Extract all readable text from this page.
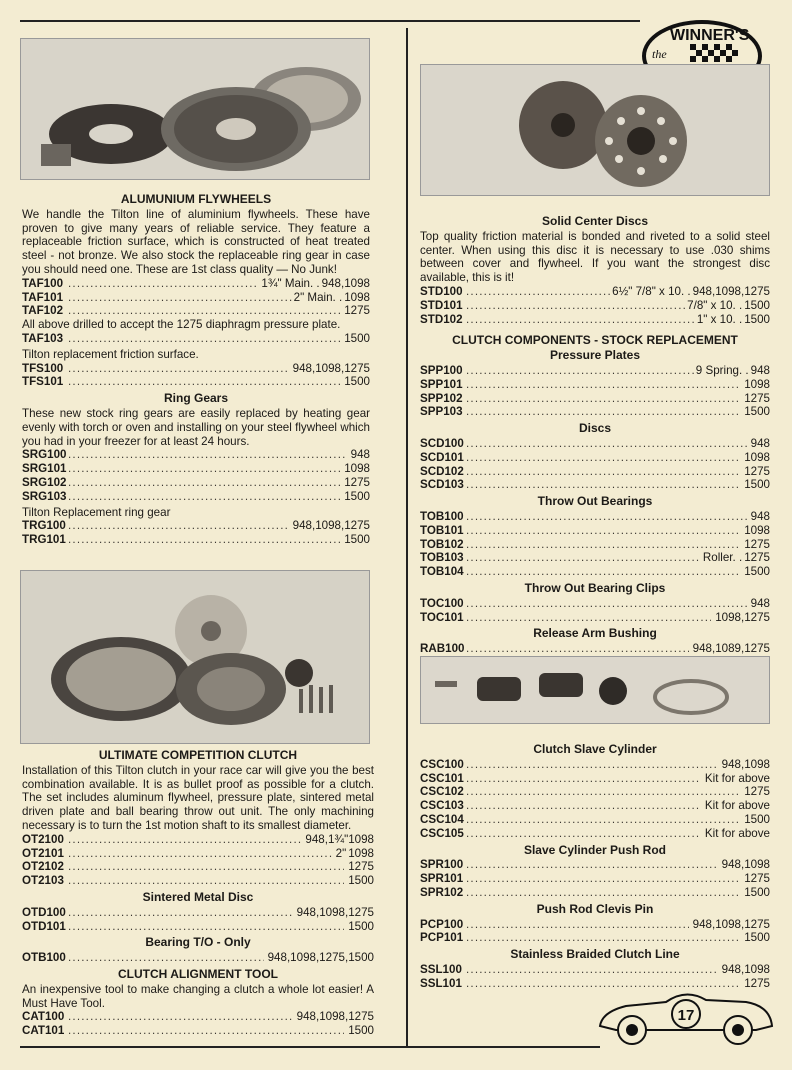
the
WINNER'S
17
ALUMUNIUM FLYWHEELS
We handle the Tilton line of aluminium flywheels. These have proven to give many years of reliable service. They feature a replaceable friction surface, which is constructed of heat treated steel - not bronze. We also stock the replaceable ring gear in case you should need one. These are 1st class quality — No Junk!
TAF100 .....	1¾" Main. . 948,1098
TAF101 .....	2" Main. . 1098
TAF102 .....	1275
All above drilled to accept the 1275 diaphragm pressure plate.
TAF103 .....	1500
Tilton replacement friction surface.
TFS100 .....	948,1098,1275
TFS101 .....	1500
Ring Gears
These new stock ring gears are easily replaced by heating gear evenly with torch or oven and installing on your steel flywheel which you had in your freezer for at least 24 hours.
SRG100 .....	948
SRG101 .....	1098
SRG102 .....	1275
SRG103 .....	1500
Tilton Replacement ring gear
TRG100 .....	948,1098,1275
TRG101 .....	1500
ULTIMATE COMPETITION CLUTCH
Installation of this Tilton clutch in your race car will give you the best combination available. It is as bullet proof as possible for a clutch. The set includes aluminum flywheel, pressure plate, sintered metal driven plate and ball bearing throw out unit. The only machining necessary is to turn the 1st motion shaft to its smallest diameter.
OT2100 .....	948,1¾"1098
OT2101 .....	2" 1098
OT2102 .....	1275
OT2103 .....	1500
Sintered Metal Disc
OTD100 .....	948,1098,1275
OTD101 .....	1500
Bearing T/O - Only
OTB100 .....	948,1098,1275,1500
CLUTCH ALIGNMENT TOOL
An inexpensive tool to make changing a clutch a whole lot easier! A Must Have Tool.
CAT100 .....	948,1098,1275
CAT101 .....	1500
Solid Center Discs
Top quality friction material is bonded and riveted to a solid steel center. When using this disc it is necessary to use .030 shims between cover and flywheel. If you want the strongest disc available, this is it!
STD100 .....	6½" 7/8" x 10. . 948,1098,1275
STD101 .....	7/8" x 10. . 1500
STD102 .....	1" x 10. . 1500
CLUTCH COMPONENTS - STOCK REPLACEMENT
Pressure Plates
SPP100 .....	9 Spring. . 948
SPP101 .....	1098
SPP102 .....	1275
SPP103 .....	1500
Discs
SCD100 .....	948
SCD101 .....	1098
SCD102 .....	1275
SCD103 .....	1500
Throw Out Bearings
TOB100 .....	948
TOB101 .....	1098
TOB102 .....	1275
TOB103 .....	Roller. . 1275
TOB104 .....	1500
Throw Out Bearing Clips
TOC100 .....	948
TOC101 .....	1098,1275
Release Arm Bushing
RAB100 .....	948,1089,1275
Clutch Slave Cylinder
CSC100 .....	948,1098
CSC101 .....	Kit for above
CSC102 .....	1275
CSC103 .....	Kit for above
CSC104 .....	1500
CSC105 .....	Kit for above
Slave Cylinder Push Rod
SPR100 .....	948,1098
SPR101 .....	1275
SPR102 .....	1500
Push Rod Clevis Pin
PCP100 .....	948,1098,1275
PCP101 .....	1500
Stainless Braided Clutch Line
SSL100 .....	948,1098
SSL101 .....	1275
